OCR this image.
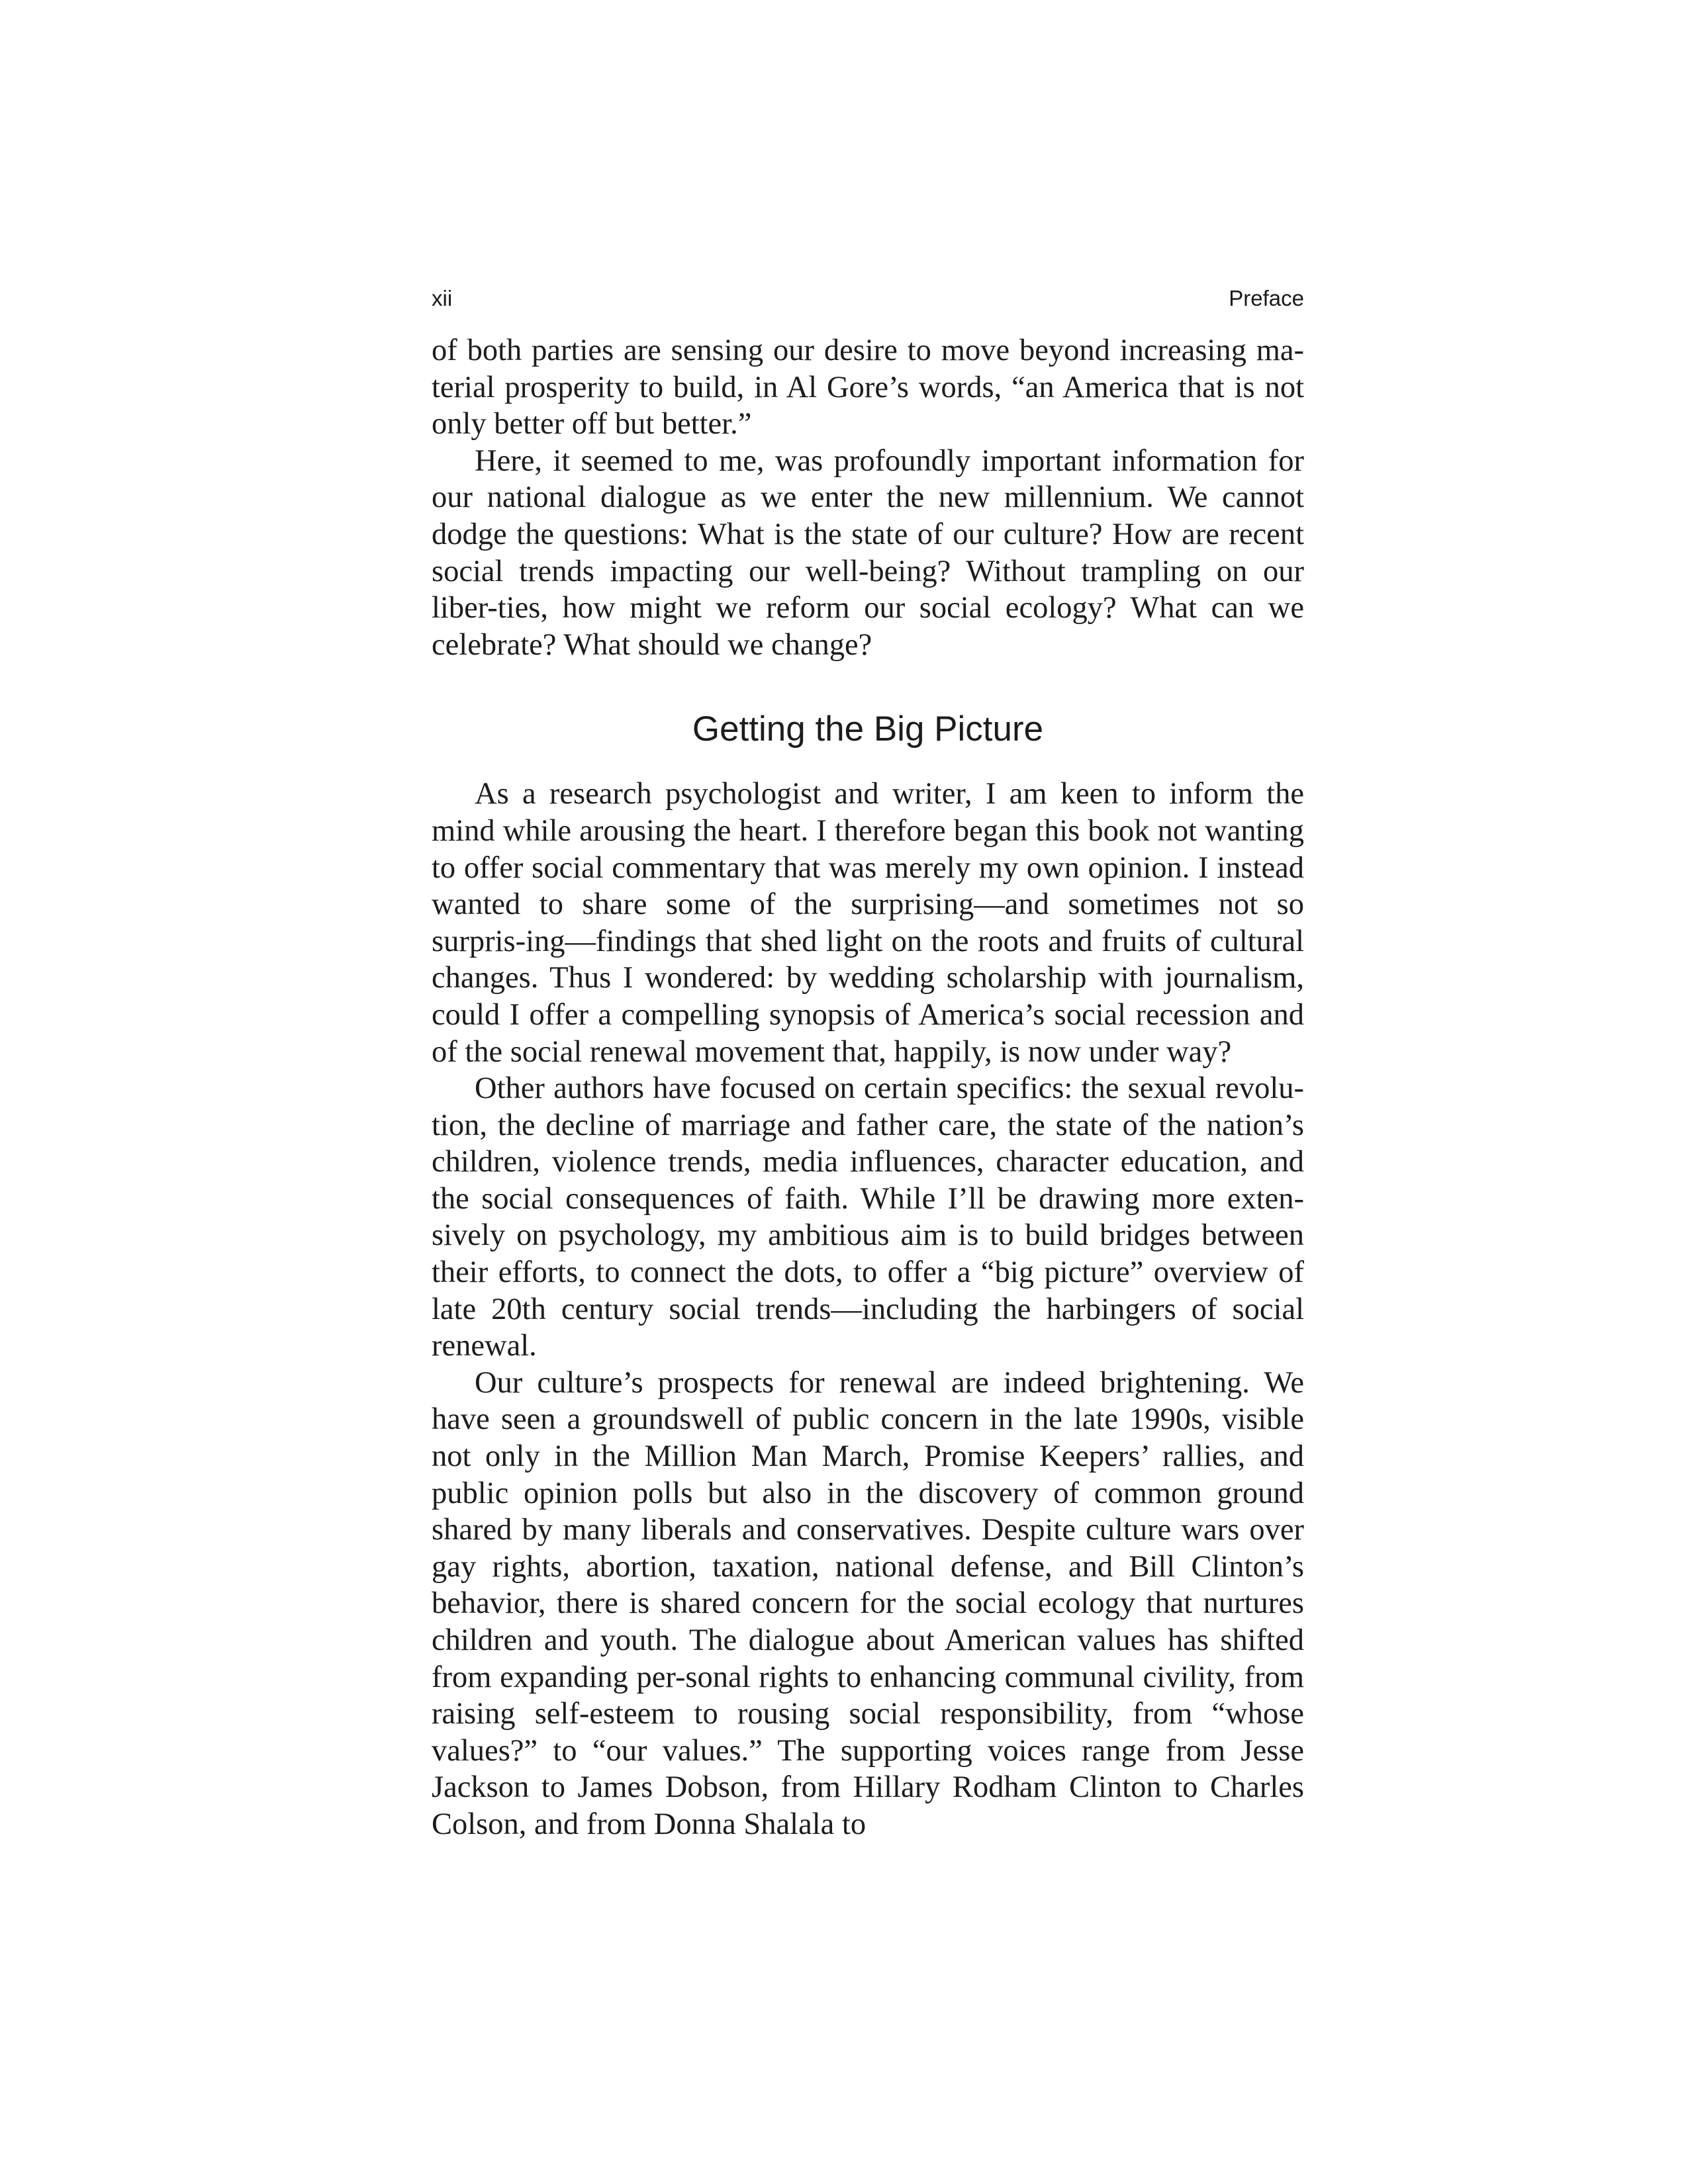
xii	Preface

of both parties are sensing our desire to move beyond increasing ma-terial prosperity to build, in Al Gore’s words, “an America that is not only better off but better.”

Here, it seemed to me, was profoundly important information for our national dialogue as we enter the new millennium. We cannot dodge the questions: What is the state of our culture? How are recent social trends impacting our well-being? Without trampling on our liber-ties, how might we reform our social ecology? What can we celebrate? What should we change?

Getting the Big Picture

As a research psychologist and writer, I am keen to inform the mind while arousing the heart. I therefore began this book not wanting to offer social commentary that was merely my own opinion. I instead wanted to share some of the surprising—and sometimes not so surpris-ing—findings that shed light on the roots and fruits of cultural changes. Thus I wondered: by wedding scholarship with journalism, could I offer a compelling synopsis of America’s social recession and of the social renewal movement that, happily, is now under way?

Other authors have focused on certain specifics: the sexual revolu-tion, the decline of marriage and father care, the state of the nation’s children, violence trends, media influences, character education, and the social consequences of faith. While I’ll be drawing more exten-sively on psychology, my ambitious aim is to build bridges between their efforts, to connect the dots, to offer a “big picture” overview of late 20th century social trends—including the harbingers of social renewal.

Our culture’s prospects for renewal are indeed brightening. We have seen a groundswell of public concern in the late 1990s, visible not only in the Million Man March, Promise Keepers’ rallies, and public opinion polls but also in the discovery of common ground shared by many liberals and conservatives. Despite culture wars over gay rights, abortion, taxation, national defense, and Bill Clinton’s behavior, there is shared concern for the social ecology that nurtures children and youth. The dialogue about American values has shifted from expanding per-sonal rights to enhancing communal civility, from raising self-esteem to rousing social responsibility, from “whose values?” to “our values.” The supporting voices range from Jesse Jackson to James Dobson, from Hillary Rodham Clinton to Charles Colson, and from Donna Shalala to
